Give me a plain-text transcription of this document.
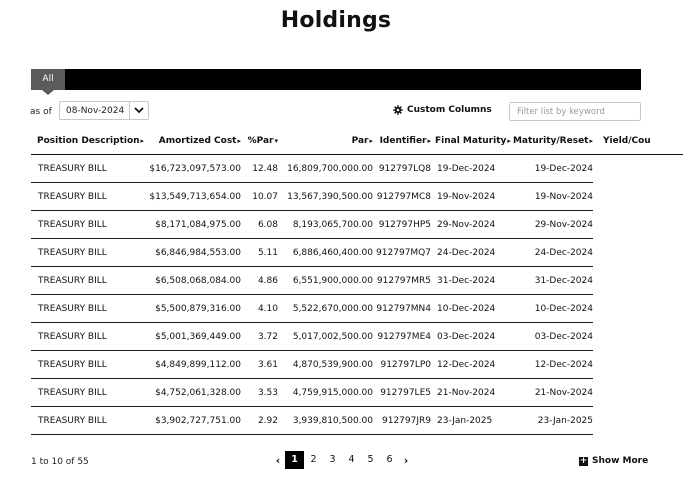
Holdings
All
as of 08-Nov-2024	Custom Columns
Filter list by keyword
Position Description▸	Amortized Cost▸	%Par▾	Par▸	Identifier▸	Final Maturity▸	Maturity/Reset▸	Yield/Cou
TREASURY BILL	$16,723,097,573.00	12.48	16,809,700,000.00	912797LQ8	19-Dec-2024	19-Dec-2024	
TREASURY BILL	$13,549,713,654.00	10.07	13,567,390,500.00	912797MC8	19-Nov-2024	19-Nov-2024	
TREASURY BILL	$8,171,084,975.00	6.08	8,193,065,700.00	912797HP5	29-Nov-2024	29-Nov-2024	
TREASURY BILL	$6,846,984,553.00	5.11	6,886,460,400.00	912797MQ7	24-Dec-2024	24-Dec-2024	
TREASURY BILL	$6,508,068,084.00	4.86	6,551,900,000.00	912797MR5	31-Dec-2024	31-Dec-2024	
TREASURY BILL	$5,500,879,316.00	4.10	5,522,670,000.00	912797MN4	10-Dec-2024	10-Dec-2024	
TREASURY BILL	$5,001,369,449.00	3.72	5,017,002,500.00	912797ME4	03-Dec-2024	03-Dec-2024	
TREASURY BILL	$4,849,899,112.00	3.61	4,870,539,900.00	912797LP0	12-Dec-2024	12-Dec-2024	
TREASURY BILL	$4,752,061,328.00	3.53	4,759,915,000.00	912797LE5	21-Nov-2024	21-Nov-2024	
TREASURY BILL	$3,902,727,751.00	2.92	3,939,810,500.00	912797JR9	23-Jan-2025	23-Jan-2025	
1 to 10 of 55	‹	1	2	3	4	5	6	›	+ Show More
